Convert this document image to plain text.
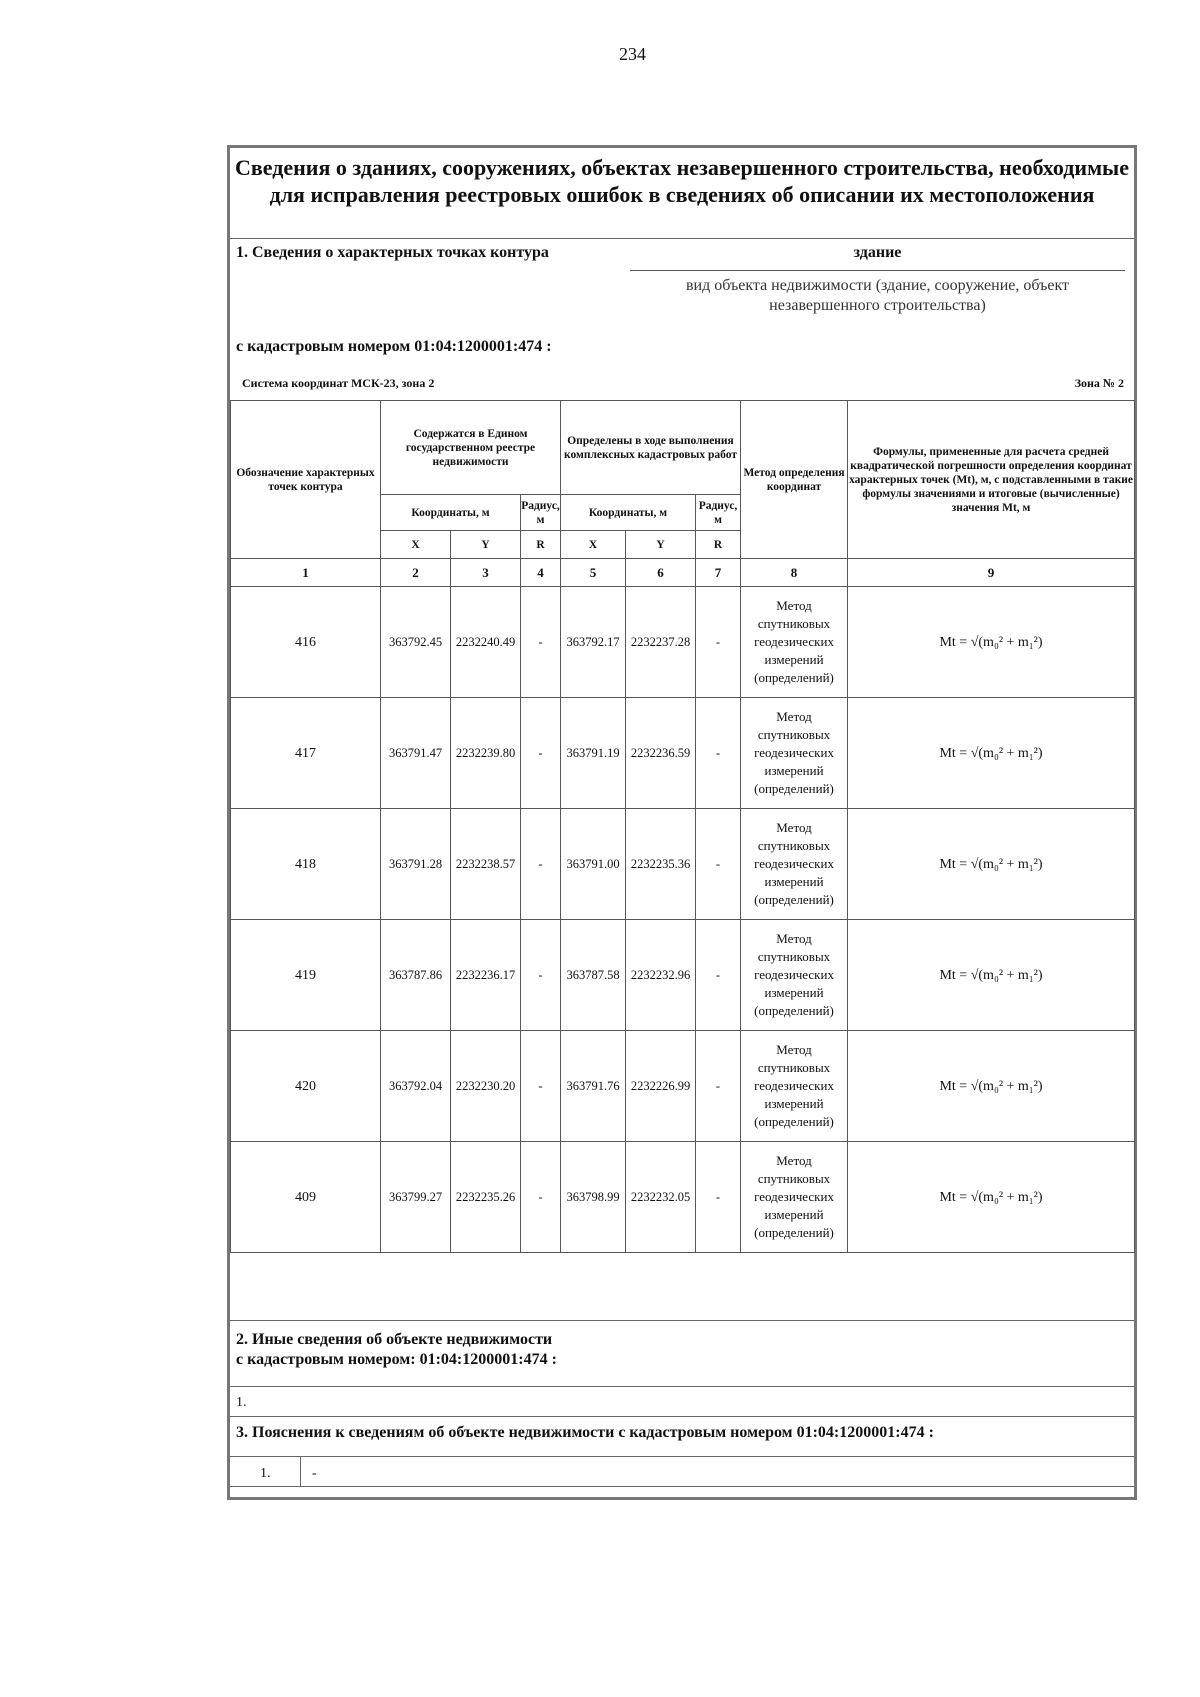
234
Сведения о зданиях, сооружениях, объектах незавершенного строительства, необходимые для исправления реестровых ошибок в сведениях об описании их местоположения
1. Сведения о характерных точках контура	здание
вид объекта недвижимости (здание, сооружение, объект незавершенного строительства)
с кадастровым номером 01:04:1200001:474 :
Система координат МСК-23, зона 2	Зона № 2
Обозначение характерных точек контура	Содержатся в Едином государственном реестре недвижимости			Определены в ходе выполнения комплексных кадастровых работ			Метод определения координат	Формулы, примененные для расчета средней квадратической погрешности определения координат характерных точек (Mt), м, с подставленными в такие формулы значениями и итоговые (вычисленные) значения Mt, м
	Координаты, м		Радиус, м	Координаты, м		Радиус, м		
	X	Y	R	X	Y	R		
1	2	3	4	5	6	7	8	9
416	363792.45	2232240.49	-	363792.17	2232237.28	-	Метод спутниковых геодезических измерений (определений)	Mt = √(m₀² + m₁²)
417	363791.47	2232239.80	-	363791.19	2232236.59	-	Метод спутниковых геодезических измерений (определений)	Mt = √(m₀² + m₁²)
418	363791.28	2232238.57	-	363791.00	2232235.36	-	Метод спутниковых геодезических измерений (определений)	Mt = √(m₀² + m₁²)
419	363787.86	2232236.17	-	363787.58	2232232.96	-	Метод спутниковых геодезических измерений (определений)	Mt = √(m₀² + m₁²)
420	363792.04	2232230.20	-	363791.76	2232226.99	-	Метод спутниковых геодезических измерений (определений)	Mt = √(m₀² + m₁²)
409	363799.27	2232235.26	-	363798.99	2232232.05	-	Метод спутниковых геодезических измерений (определений)	Mt = √(m₀² + m₁²)
2. Иные сведения об объекте недвижимости
с кадастровым номером: 01:04:1200001:474 :
1.
3. Пояснения к сведениям об объекте недвижимости с кадастровым номером 01:04:1200001:474 :
1.	-
